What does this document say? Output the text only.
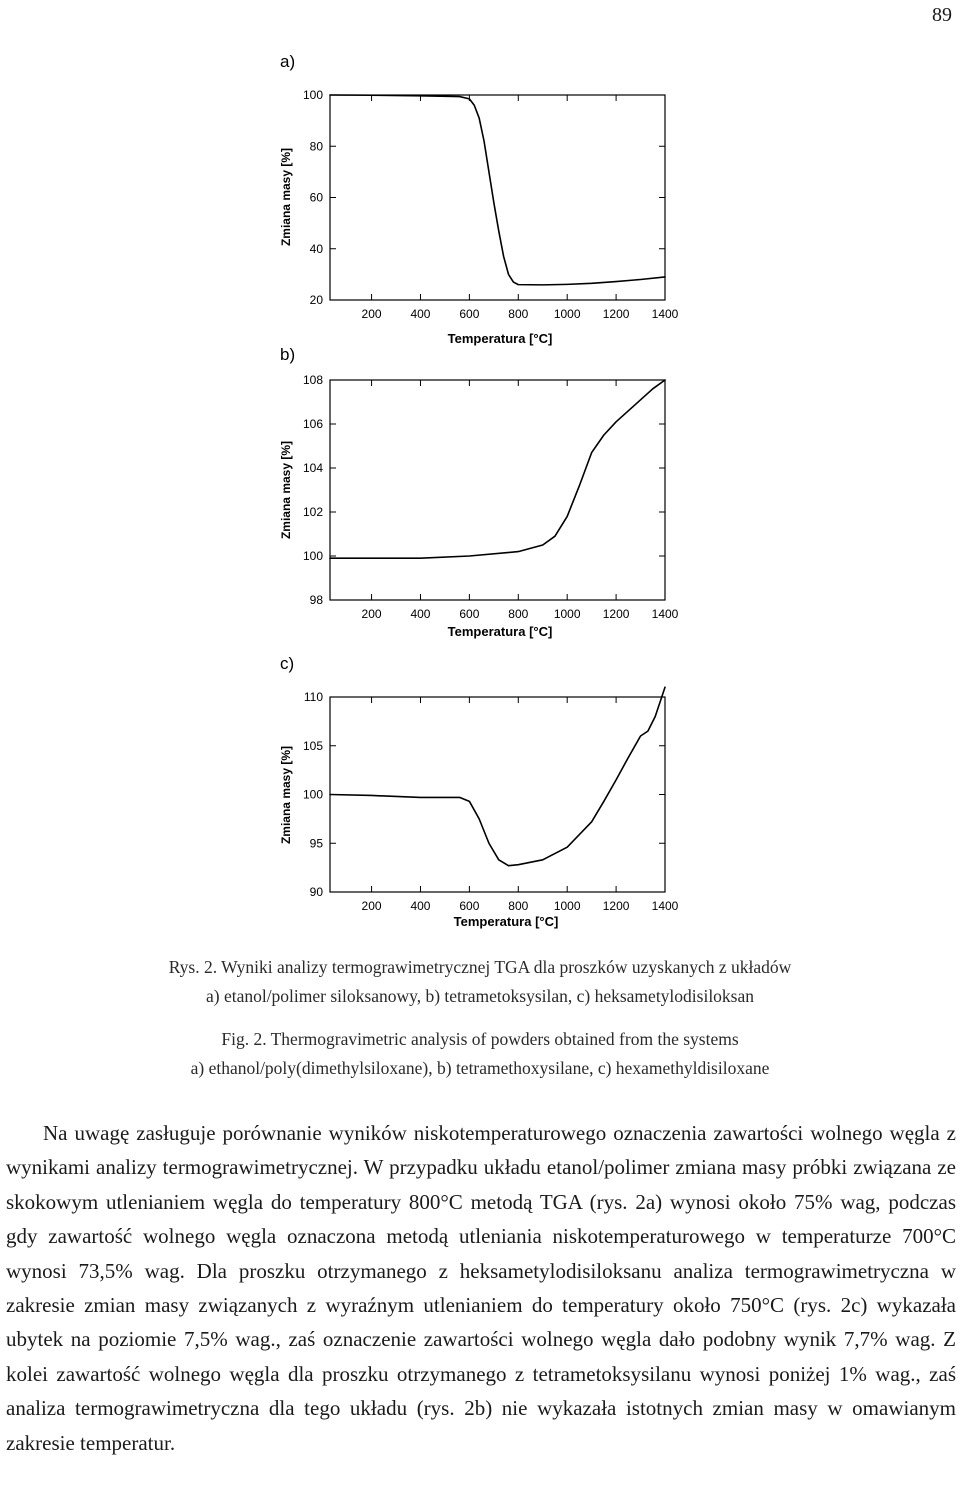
89
a)
b)
c)
20
40
60
80
100
200 400 600 800 1000 1200 1400
Temperatura [°C]
Zmiana masy [%]
98
100
102
104
106
108
200 400 600 800 1000 1200 1400
Temperatura [°C]
Zmiana masy [%]
90
95
100
105
110
200 400 600 800 1000 1200 1400
Temperatura [°C]
Zmiana masy [%]
Rys. 2. Wyniki analizy termograwimetrycznej TGA dla proszków uzyskanych z układów
a) etanol/polimer siloksanowy, b) tetrametoksysilan, c) heksametylodisiloksan
Fig. 2. Thermogravimetric analysis of powders obtained from the systems
a) ethanol/poly(dimethylsiloxane), b) tetramethoxysilane, c) hexamethyldisiloxane

Na uwagę zasługuje porównanie wyników niskotemperaturowego oznaczenia zawartości wolnego węgla z wynikami analizy termograwimetrycznej. W przypadku układu etanol/polimer zmiana masy próbki związana ze skokowym utlenianiem węgla do temperatury 800°C metodą TGA (rys. 2a) wynosi około 75% wag, podczas gdy zawartość wolnego węgla oznaczona metodą utleniania niskotemperaturowego w temperaturze 700°C wynosi 73,5% wag. Dla proszku otrzymanego z heksametylodisiloksanu analiza termograwimetryczna w zakresie zmian masy związanych z wyraźnym utlenianiem do temperatury około 750°C (rys. 2c) wykazała ubytek na poziomie 7,5% wag., zaś oznaczenie zawartości wolnego węgla dało podobny wynik 7,7% wag. Z kolei zawartość wolnego węgla dla proszku otrzymanego z tetrametoksysilanu wynosi poniżej 1% wag., zaś analiza termograwimetryczna dla tego układu (rys. 2b) nie wykazała istotnych zmian masy w omawianym zakresie temperatur.
